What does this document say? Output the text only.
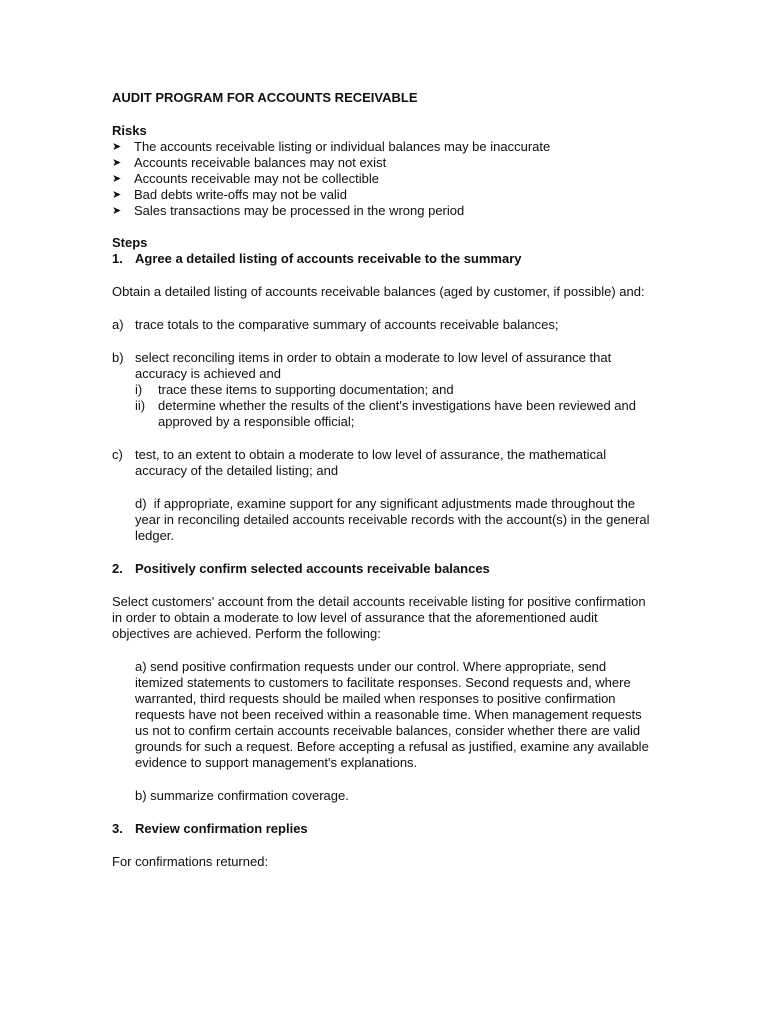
AUDIT PROGRAM FOR ACCOUNTS RECEIVABLE
Risks
➤ The accounts receivable listing or individual balances may be inaccurate
➤ Accounts receivable balances may not exist
➤ Accounts receivable may not be collectible
➤ Bad debts write-offs may not be valid
➤ Sales transactions may be processed in the wrong period
Steps
1. Agree a detailed listing of accounts receivable to the summary

Obtain a detailed listing of accounts receivable balances (aged by customer, if possible) and:

a) trace totals to the comparative summary of accounts receivable balances;
b) select reconciling items in order to obtain a moderate to low level of assurance that accuracy is achieved and
i)	trace these items to supporting documentation; and
ii) determine whether the results of the client's investigations have been reviewed and approved by a responsible official;
c) test, to an extent to obtain a moderate to low level of assurance, the mathematical accuracy of the detailed listing; and
d) if appropriate, examine support for any significant adjustments made throughout the year in reconciling detailed accounts receivable records with the account(s) in the general ledger.
2. Positively confirm selected accounts receivable balances

Select customers' account from the detail accounts receivable listing for positive confirmation in order to obtain a moderate to low level of assurance that the aforementioned audit objectives are achieved. Perform the following:

a) send positive confirmation requests under our control. Where appropriate, send itemized statements to customers to facilitate responses. Second requests and, where warranted, third requests should be mailed when responses to positive confirmation requests have not been received within a reasonable time. When management requests us not to confirm certain accounts receivable balances, consider whether there are valid grounds for such a request. Before accepting a refusal as justified, examine any available evidence to support management's explanations.

b) summarize confirmation coverage.

3. Review confirmation replies

For confirmations returned:
